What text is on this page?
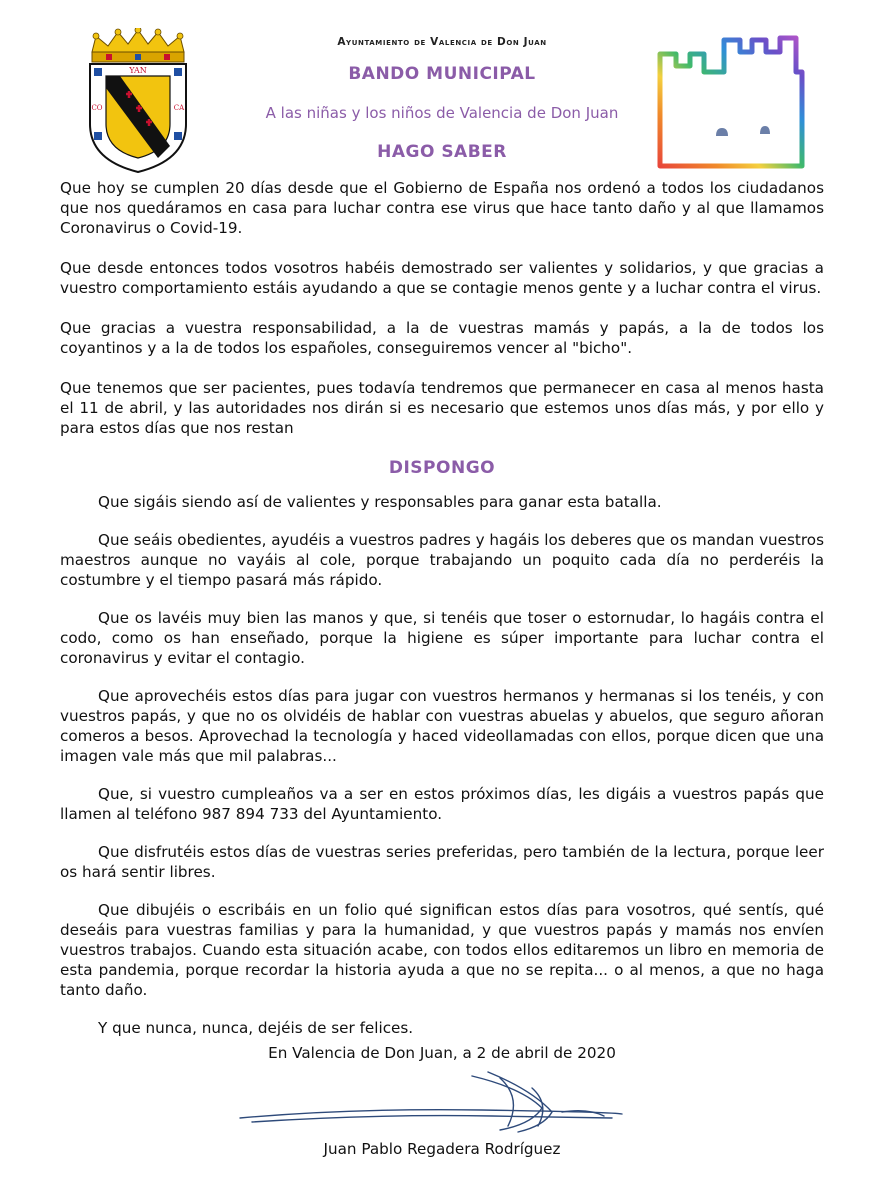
YAN
CO	CA
Ayuntamiento de Valencia de Don Juan
BANDO MUNICIPAL
A las niñas y los niños de Valencia de Don Juan
HAGO SABER

Que hoy se cumplen 20 días desde que el Gobierno de España nos ordenó a todos los ciudadanos que nos quedáramos en casa para luchar contra ese virus que hace tanto daño y al que llamamos Coronavirus o Covid-19.

Que desde entonces todos vosotros habéis demostrado ser valientes y solidarios, y que gracias a vuestro comportamiento estáis ayudando a que se contagie menos gente y a luchar contra el virus.

Que gracias a vuestra responsabilidad, a la de vuestras mamás y papás, a la de todos los coyantinos y a la de todos los españoles, conseguiremos vencer al "bicho".

Que tenemos que ser pacientes, pues todavía tendremos que permanecer en casa al menos hasta el 11 de abril, y las autoridades nos dirán si es necesario que estemos unos días más, y por ello y para estos días que nos restan

DISPONGO

Que sigáis siendo así de valientes y responsables para ganar esta batalla.

Que seáis obedientes, ayudéis a vuestros padres y hagáis los deberes que os mandan vuestros maestros aunque no vayáis al cole, porque trabajando un poquito cada día no perderéis la costumbre y el tiempo pasará más rápido.

Que os lavéis muy bien las manos y que, si tenéis que toser o estornudar, lo hagáis contra el codo, como os han enseñado, porque la higiene es súper importante para luchar contra el coronavirus y evitar el contagio.

Que aprovechéis estos días para jugar con vuestros hermanos y hermanas si los tenéis, y con vuestros papás, y que no os olvidéis de hablar con vuestras abuelas y abuelos, que seguro añoran comeros a besos. Aprovechad la tecnología y haced videollamadas con ellos, porque dicen que una imagen vale más que mil palabras...

Que, si vuestro cumpleaños va a ser en estos próximos días, les digáis a vuestros papás que llamen al teléfono 987 894 733 del Ayuntamiento.

Que disfrutéis estos días de vuestras series preferidas, pero también de la lectura, porque leer os hará sentir libres.

Que dibujéis o escribáis en un folio qué significan estos días para vosotros, qué sentís, qué deseáis para vuestras familias y para la humanidad, y que vuestros papás y mamás nos envíen vuestros trabajos. Cuando esta situación acabe, con todos ellos editaremos un libro en memoria de esta pandemia, porque recordar la historia ayuda a que no se repita... o al menos, a que no haga tanto daño.

Y que nunca, nunca, dejéis de ser felices.

En Valencia de Don Juan, a 2 de abril de 2020
Juan Pablo Regadera Rodríguez
